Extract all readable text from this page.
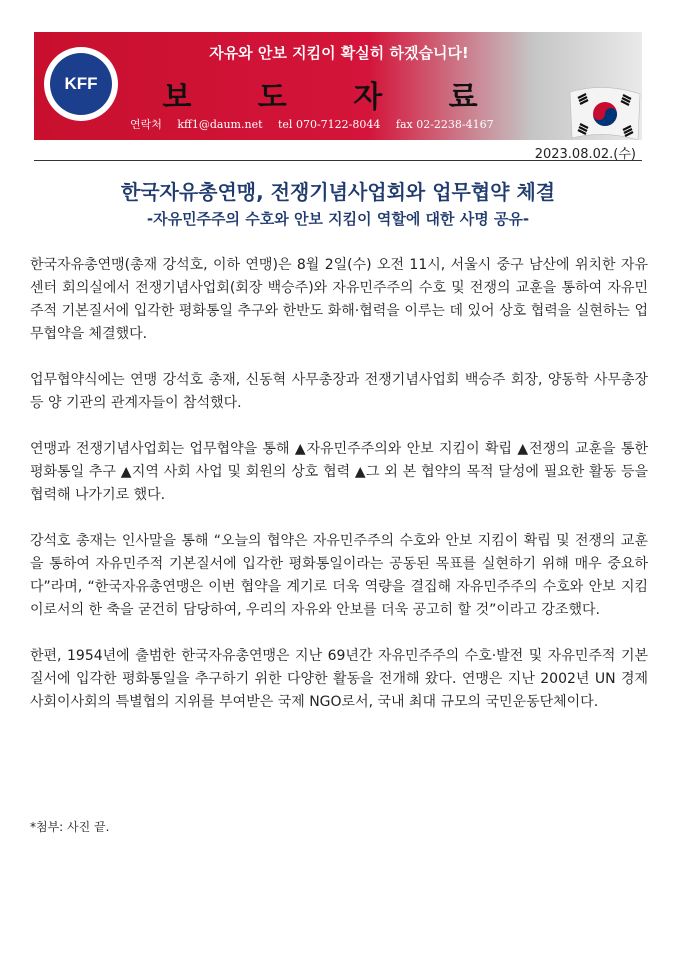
KFF
자유와 안보 지킴이 확실히 하겠습니다!
보 도 자 료
연락처 kff1@daum.net tel 070-7122-8044 fax 02-2238-4167
2023.08.02.(수)
한국자유총연맹, 전쟁기념사업회와 업무협약 체결
-자유민주주의 수호와 안보 지킴이 역할에 대한 사명 공유-

한국자유총연맹(총재 강석호, 이하 연맹)은 8월 2일(수) 오전 11시, 서울시 중구 남산에 위치한 자유센터 회의실에서 전쟁기념사업회(회장 백승주)와 자유민주주의 수호 및 전쟁의 교훈을 통하여 자유민주적 기본질서에 입각한 평화통일 추구와 한반도 화해·협력을 이루는 데 있어 상호 협력을 실현하는 업무협약을 체결했다.

업무협약식에는 연맹 강석호 총재, 신동혁 사무총장과 전쟁기념사업회 백승주 회장, 양동학 사무총장 등 양 기관의 관계자들이 참석했다.

연맹과 전쟁기념사업회는 업무협약을 통해 ▲자유민주주의와 안보 지킴이 확립 ▲전쟁의 교훈을 통한 평화통일 추구 ▲지역 사회 사업 및 회원의 상호 협력 ▲그 외 본 협약의 목적 달성에 필요한 활동 등을 협력해 나가기로 했다.

강석호 총재는 인사말을 통해 “오늘의 협약은 자유민주주의 수호와 안보 지킴이 확립 및 전쟁의 교훈을 통하여 자유민주적 기본질서에 입각한 평화통일이라는 공동된 목표를 실현하기 위해 매우 중요하다”라며, “한국자유총연맹은 이번 협약을 계기로 더욱 역량을 결집해 자유민주주의 수호와 안보 지킴이로서의 한 축을 굳건히 담당하여, 우리의 자유와 안보를 더욱 공고히 할 것”이라고 강조했다.

한편, 1954년에 출범한 한국자유총연맹은 지난 69년간 자유민주주의 수호·발전 및 자유민주적 기본질서에 입각한 평화통일을 추구하기 위한 다양한 활동을 전개해 왔다. 연맹은 지난 2002년 UN 경제사회이사회의 특별협의 지위를 부여받은 국제 NGO로서, 국내 최대 규모의 국민운동단체이다.

*첨부: 사진 끝.
